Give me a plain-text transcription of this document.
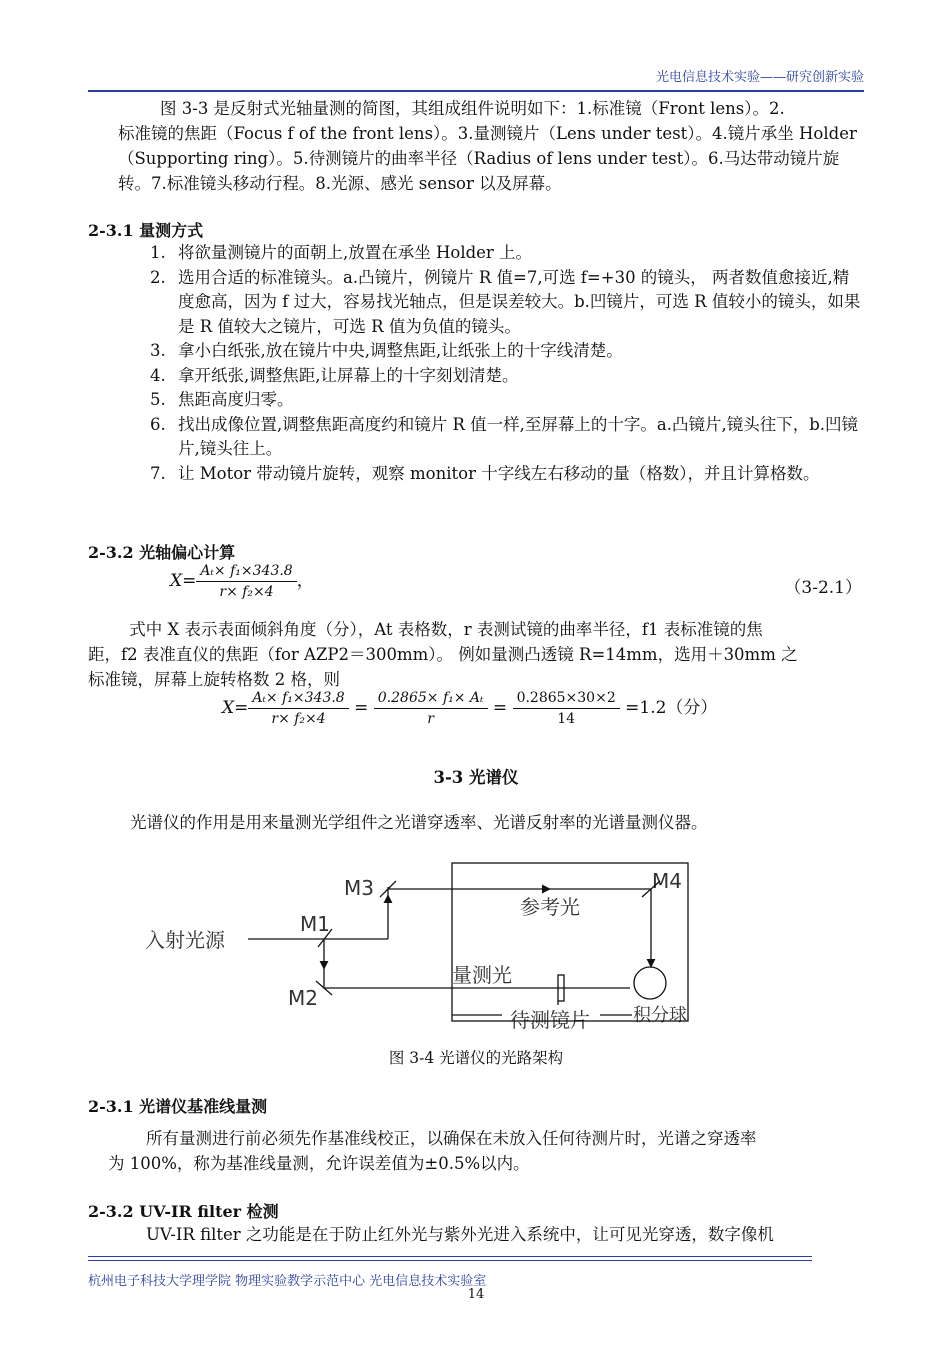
光电信息技术实验——研究创新实验
图 3-3 是反射式光轴量测的简图，其组成组件说明如下：1.标准镜（Front lens）。2.
标准镜的焦距（Focus f of the front lens）。3.量测镜片（Lens under test）。4.镜片承坐 Holder
（Supporting ring）。5.待测镜片的曲率半径（Radius of lens under test）。6.马达带动镜片旋
转。7.标准镜头移动行程。8.光源、感光 sensor 以及屏幕。
2-3.1 量测方式
1. 将欲量测镜片的面朝上,放置在承坐 Holder 上。
2. 选用合适的标准镜头。a.凸镜片，例镜片 R 值=7,可选 f=+30 的镜头， 两者数值愈接近,精度愈高，因为 f 过大，容易找光轴点，但是误差较大。b.凹镜片，可选 R 值较小的镜头，如果是 R 值较大之镜片，可选 R 值为负值的镜头。
3. 拿小白纸张,放在镜片中央,调整焦距,让纸张上的十字线清楚。
4. 拿开纸张,调整焦距,让屏幕上的十字刻划清楚。
5. 焦距高度归零。
6. 找出成像位置,调整焦距高度约和镜片 R 值一样,至屏幕上的十字。a.凸镜片,镜头往下，b.凹镜片,镜头往上。
7. 让 Motor 带动镜片旋转，观察 monitor 十字线左右移动的量（格数），并且计算格数。
2-3.2 光轴偏心计算
$X= \frac{\text{Aₜ× f₁×343.8}}{\text{r× f₂×4}}$ ，	（3-2.1）
式中 X 表示表面倾斜角度（分），At 表格数，r 表测试镜的曲率半径，f1 表标准镜的焦
距，f2 表准直仪的焦距（for AZP2＝300mm）。 例如量测凸透镜 R=14mm，选用＋30mm 之
标准镜，屏幕上旋转格数 2 格，则
$X= \frac{\text{Aₜ× f₁×343.8}}{\text{r× f₂×4}} = \frac{\text{0.2865× f₁× Aₜ}}{r} = \frac{0.2865\times 30\times 2}{14} =1.2$（分）
3-3 光谱仪
光谱仪的作用是用来量测光学组件之光谱穿透率、光谱反射率的光谱量测仪器。
入射光源
M1
M2
M3	M4
参考光
量测光
待测镜片 积分球
图 3-4 光谱仪的光路架构
2-3.1 光谱仪基准线量测
所有量测进行前必须先作基准线校正，以确保在未放入任何待测片时，光谱之穿透率
为 100%，称为基准线量测，允许误差值为±0.5%以内。
2-3.2 UV-IR filter 检测
UV-IR filter 之功能是在于防止红外光与紫外光进入系统中，让可见光穿透，数字像机
杭州电子科技大学理学院 物理实验教学示范中心 光电信息技术实验室
14
